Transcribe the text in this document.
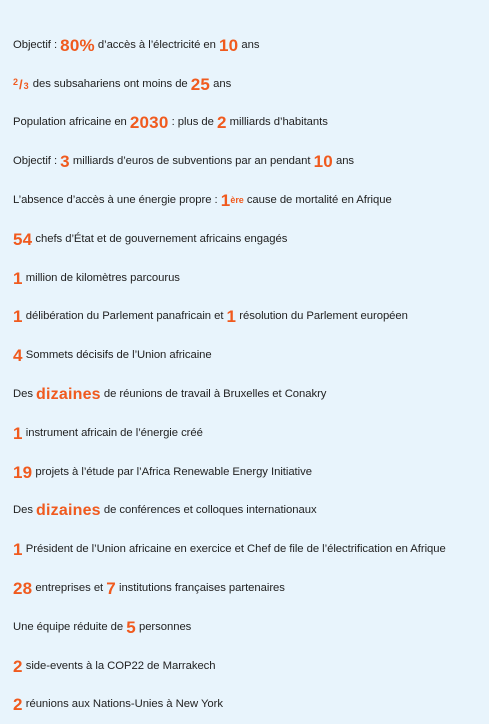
Objectif : 80% d’accès à l’électricité en 10 ans
2/3 des subsahariens ont moins de 25 ans
Population africaine en 2030 : plus de 2 milliards d’habitants
Objectif : 3 milliards d’euros de subventions par an pendant 10 ans
L’absence d’accès à une énergie propre : 1 ère cause de mortalité en Afrique
54 chefs d’État et de gouvernement africains engagés
1 million de kilomètres parcourus
1 délibération du Parlement panafricain et 1 résolution du Parlement européen
4 Sommets décisifs de l’Union africaine
Des dizaines de réunions de travail à Bruxelles et Conakry
1 instrument africain de l’énergie créé
19 projets à l’étude par l’Africa Renewable Energy Initiative
Des dizaines de conférences et colloques internationaux
1 Président de l’Union africaine en exercice et Chef de file de l’électrification en Afrique
28 entreprises et 7 institutions françaises partenaires
Une équipe réduite de 5 personnes
2 side-events à la COP22 de Marrakech
2 réunions aux Nations-Unies à New York
